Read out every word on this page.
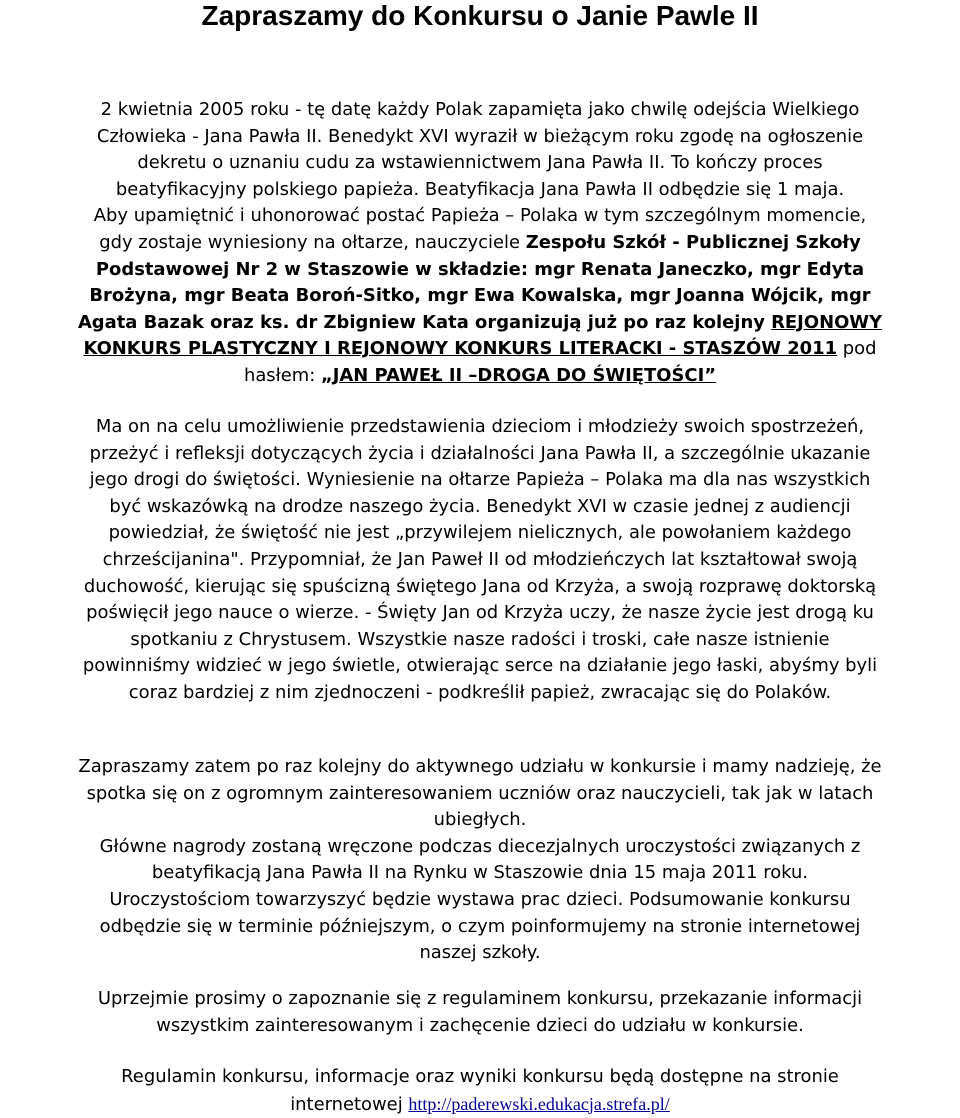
Zapraszamy do Konkursu o Janie Pawle II
2 kwietnia 2005 roku - tę datę każdy Polak zapamięta jako chwilę odejścia Wielkiego
Człowieka - Jana Pawła II. Benedykt XVI wyraził w bieżącym roku zgodę na ogłoszenie
dekretu o uznaniu cudu za wstawiennictwem Jana Pawła II. To kończy proces
beatyfikacyjny polskiego papieża. Beatyfikacja Jana Pawła II odbędzie się 1 maja.
Aby upamiętnić i uhonorować postać Papieża – Polaka w tym szczególnym momencie,
gdy zostaje wyniesiony na ołtarze, nauczyciele Zespołu Szkół - Publicznej Szkoły
Podstawowej Nr 2 w Staszowie w składzie: mgr Renata Janeczko, mgr Edyta
Brożyna, mgr Beata Boroń-Sitko, mgr Ewa Kowalska, mgr Joanna Wójcik, mgr
Agata Bazak oraz ks. dr Zbigniew Kata organizują już po raz kolejny REJONOWY
KONKURS PLASTYCZNY I REJONOWY KONKURS LITERACKI - STASZÓW 2011 pod
hasłem: „JAN PAWEŁ II –DROGA DO ŚWIĘTOŚCI”
Ma on na celu umożliwienie przedstawienia dzieciom i młodzieży swoich spostrzeżeń,
przeżyć i refleksji dotyczących życia i działalności Jana Pawła II, a szczególnie ukazanie
jego drogi do świętości. Wyniesienie na ołtarze Papieża – Polaka ma dla nas wszystkich
być wskazówką na drodze naszego życia. Benedykt XVI w czasie jednej z audiencji
powiedział, że świętość nie jest „przywilejem nielicznych, ale powołaniem każdego
chrześcijanina". Przypomniał, że Jan Paweł II od młodzieńczych lat kształtował swoją
duchowość, kierując się spuścizną świętego Jana od Krzyża, a swoją rozprawę doktorską
poświęcił jego nauce o wierze. - Święty Jan od Krzyża uczy, że nasze życie jest drogą ku
spotkaniu z Chrystusem. Wszystkie nasze radości i troski, całe nasze istnienie
powinniśmy widzieć w jego świetle, otwierając serce na działanie jego łaski, abyśmy byli
coraz bardziej z nim zjednoczeni - podkreślił papież, zwracając się do Polaków.
Zapraszamy zatem po raz kolejny do aktywnego udziału w konkursie i mamy nadzieję, że
spotka się on z ogromnym zainteresowaniem uczniów oraz nauczycieli, tak jak w latach
ubiegłych.
Główne nagrody zostaną wręczone podczas diecezjalnych uroczystości związanych z
beatyfikacją Jana Pawła II na Rynku w Staszowie dnia 15 maja 2011 roku.
Uroczystościom towarzyszyć będzie wystawa prac dzieci. Podsumowanie konkursu
odbędzie się w terminie późniejszym, o czym poinformujemy na stronie internetowej
naszej szkoły.
Uprzejmie prosimy o zapoznanie się z regulaminem konkursu, przekazanie informacji
wszystkim zainteresowanym i zachęcenie dzieci do udziału w konkursie.
Regulamin konkursu, informacje oraz wyniki konkursu będą dostępne na stronie
internetowej http://paderewski.edukacja.strefa.pl/
